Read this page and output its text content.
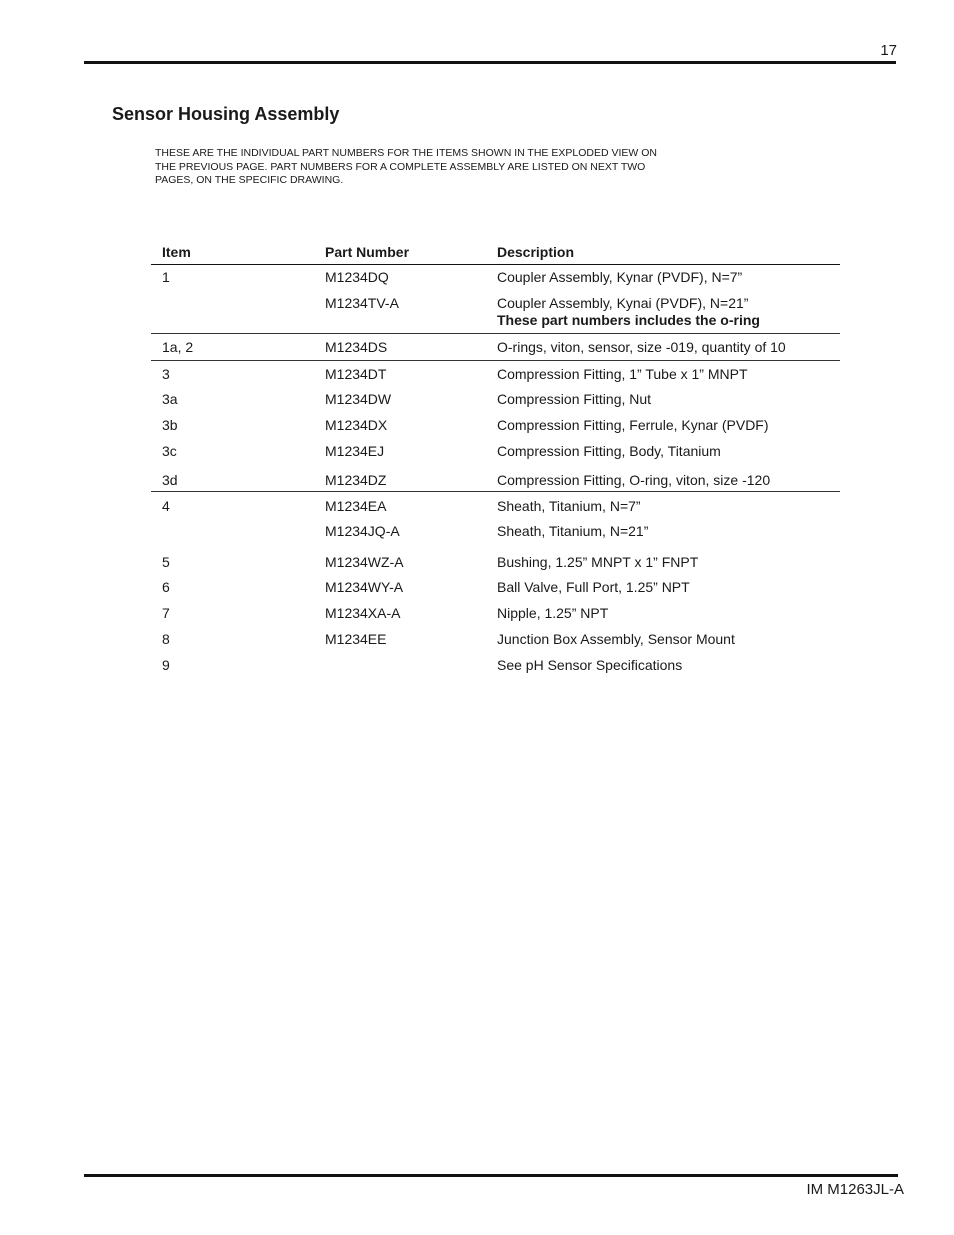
17
Sensor Housing Assembly

THESE ARE THE INDIVIDUAL PART NUMBERS FOR THE ITEMS SHOWN IN THE EXPLODED VIEW ON THE PREVIOUS PAGE. PART NUMBERS FOR A COMPLETE ASSEMBLY ARE LISTED ON NEXT TWO PAGES, ON THE SPECIFIC DRAWING.

Item	Part Number	Description
1	M1234DQ	Coupler Assembly, Kynar (PVDF), N=7”
	M1234TV-A	Coupler Assembly, Kynai (PVDF), N=21”
These part numbers includes the o-ring

1a, 2	M1234DS	O-rings, viton, sensor, size -019, quantity of 10
3	M1234DT	Compression Fitting, 1” Tube x 1” MNPT
3a	M1234DW	Compression Fitting, Nut
3b	M1234DX	Compression Fitting, Ferrule, Kynar (PVDF)
3c	M1234EJ	Compression Fitting, Body, Titanium
3d	M1234DZ	Compression Fitting, O-ring, viton, size -120
4	M1234EA	Sheath, Titanium, N=7”
	M1234JQ-A	Sheath, Titanium, N=21”
5	M1234WZ-A	Bushing, 1.25” MNPT x 1” FNPT
6	M1234WY-A	Ball Valve, Full Port, 1.25” NPT
7	M1234XA-A	Nipple, 1.25” NPT
8	M1234EE	Junction Box Assembly, Sensor Mount
9		See pH Sensor Specifications
IM M1263JL-A
